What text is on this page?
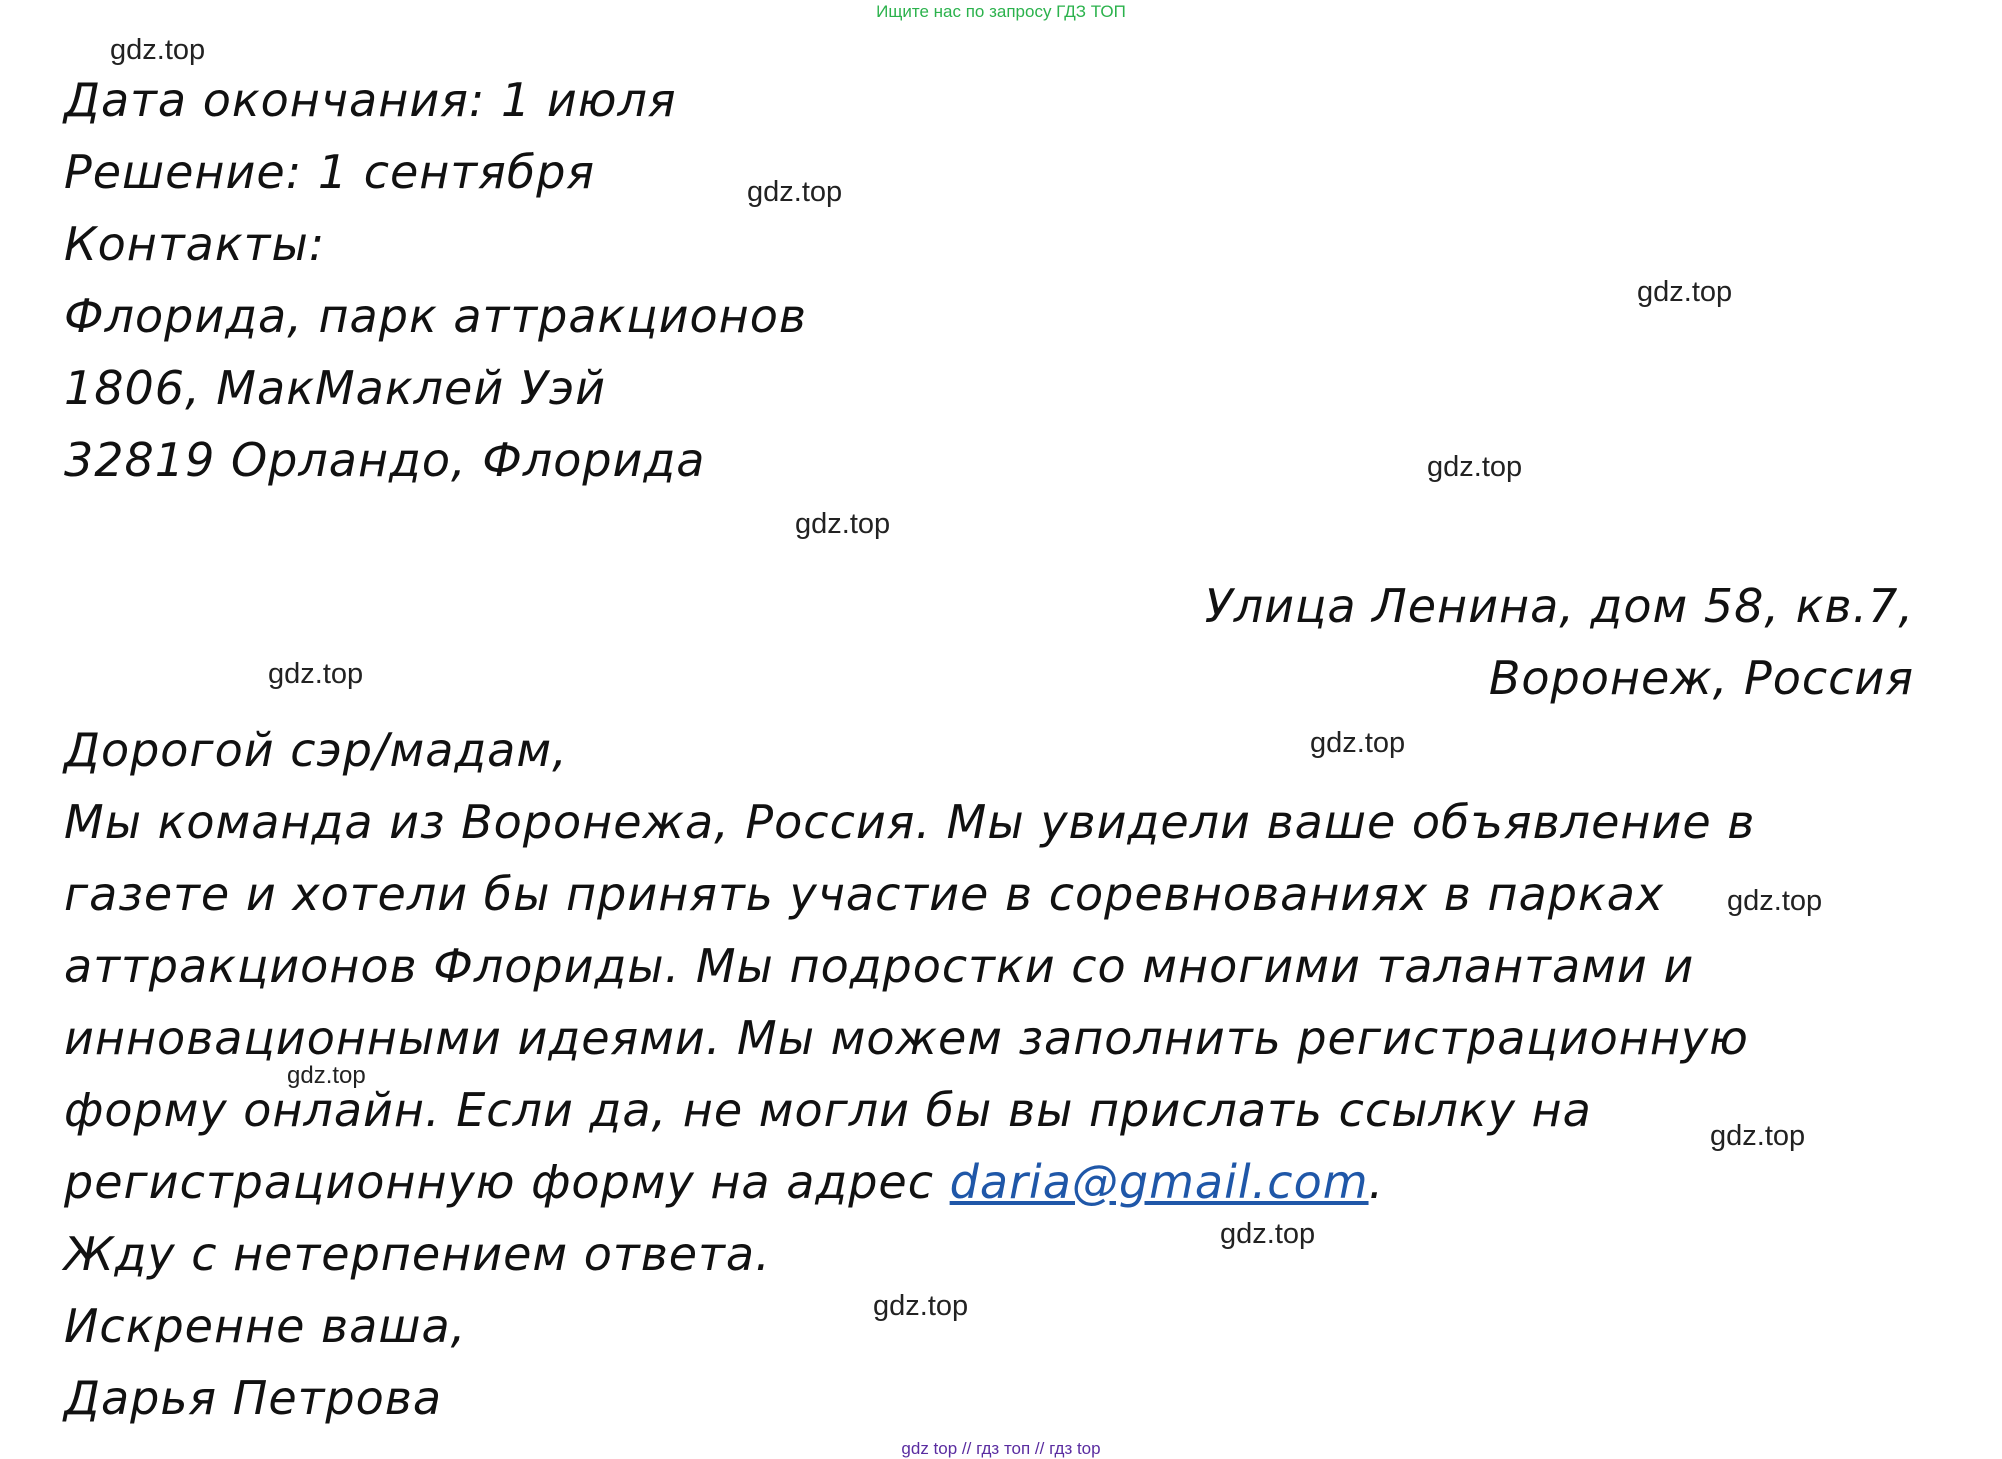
Ищите нас по запросу ГДЗ ТОП
Дата окончания: 1 июля
Решение: 1 сентября
Контакты:
Флорида, парк аттракционов
1806, МакМаклей Уэй
32819 Орландо, Флорида
Улица Ленина, дом 58, кв.7,
Воронеж, Россия
Дорогой сэр/мадам,
Мы команда из Воронежа, Россия. Мы увидели ваше объявление в
газете и хотели бы принять участие в соревнованиях в парках
аттракционов Флориды. Мы подростки со многими талантами и
инновационными идеями. Мы можем заполнить регистрационную
форму онлайн. Если да, не могли бы вы прислать ссылку на
регистрационную форму на адрес daria@gmail.com.
Жду с нетерпением ответа.
Искренне ваша,
Дарья Петрова
gdz.top
gdz.top
gdz.top
gdz.top
gdz.top
gdz.top
gdz.top
gdz.top
gdz.top
gdz.top
gdz.top
gdz.top
gdz top // гдз топ // гдз top
